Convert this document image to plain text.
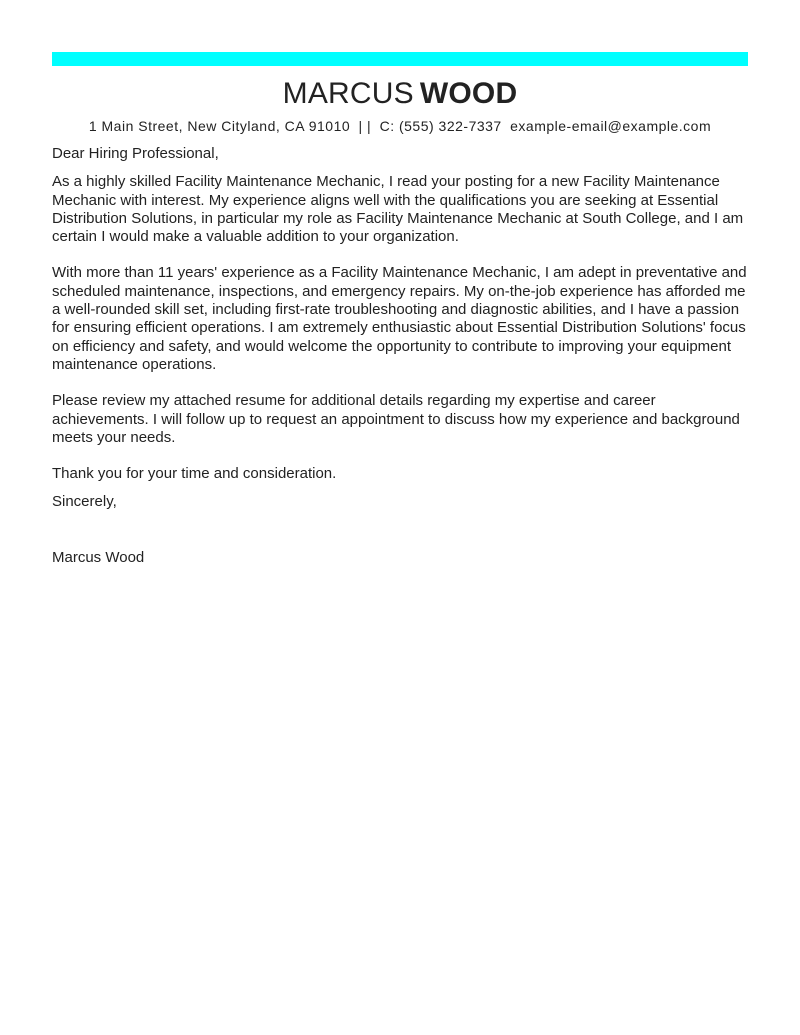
MARCUS WOOD
1 Main Street, New Cityland, CA 91010 | | C: (555) 322-7337 example-email@example.com

Dear Hiring Professional,

As a highly skilled Facility Maintenance Mechanic, I read your posting for a new Facility Maintenance Mechanic with interest. My experience aligns well with the qualifications you are seeking at Essential Distribution Solutions, in particular my role as Facility Maintenance Mechanic at South College, and I am certain I would make a valuable addition to your organization.

With more than 11 years' experience as a Facility Maintenance Mechanic, I am adept in preventative and scheduled maintenance, inspections, and emergency repairs. My on-the-job experience has afforded me a well-rounded skill set, including first-rate troubleshooting and diagnostic abilities, and I have a passion for ensuring efficient operations. I am extremely enthusiastic about Essential Distribution Solutions' focus on efficiency and safety, and would welcome the opportunity to contribute to improving your equipment maintenance operations.

Please review my attached resume for additional details regarding my expertise and career achievements. I will follow up to request an appointment to discuss how my experience and background meets your needs.

Thank you for your time and consideration.

Sincerely,

Marcus Wood
